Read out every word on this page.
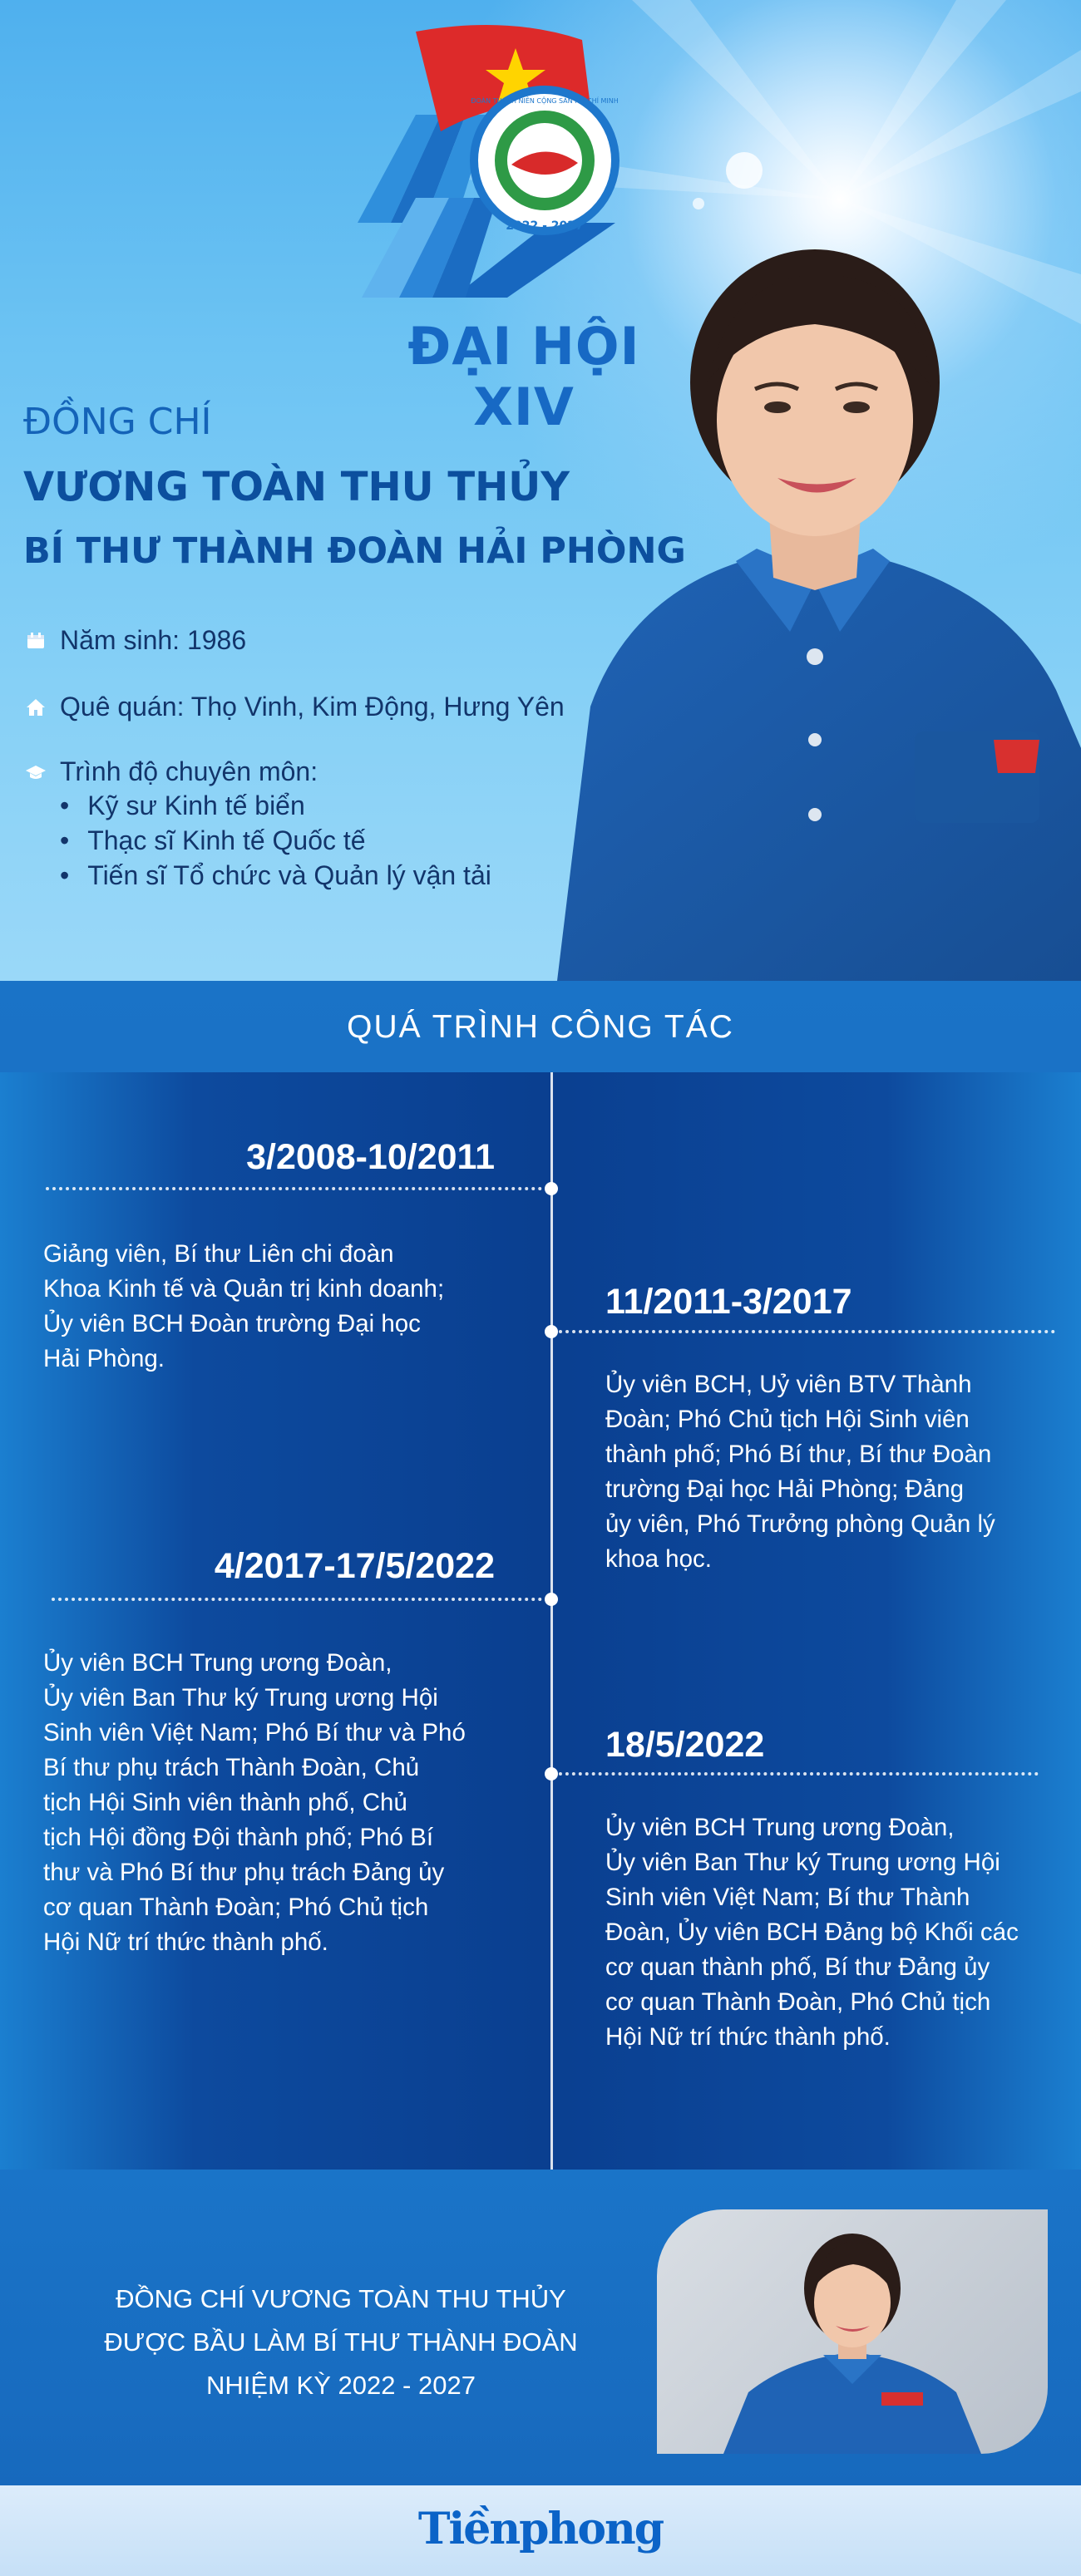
2022 - 2027
ĐOÀN THANH NIÊN CỘNG SẢN HỒ CHÍ MINH
ĐẠI HỘI XIV
ĐỒNG CHÍ
VƯƠNG TOÀN THU THỦY
BÍ THƯ THÀNH ĐOÀN HẢI PHÒNG
Năm sinh: 1986
Quê quán: Thọ Vinh, Kim Động, Hưng Yên
Trình độ chuyên môn:
• Kỹ sư Kinh tế biển
• Thạc sĩ Kinh tế Quốc tế
• Tiến sĩ Tổ chức và Quản lý vận tải
QUÁ TRÌNH CÔNG TÁC
3/2008-10/2011
Giảng viên, Bí thư Liên chi đoàn
Khoa Kinh tế và Quản trị kinh doanh;
Ủy viên BCH Đoàn trường Đại học
Hải Phòng.
11/2011-3/2017
Ủy viên BCH, Uỷ viên BTV Thành
Đoàn; Phó Chủ tịch Hội Sinh viên
thành phố; Phó Bí thư, Bí thư Đoàn
trường Đại học Hải Phòng; Đảng
ủy viên, Phó Trưởng phòng Quản lý
khoa học.
4/2017-17/5/2022
Ủy viên BCH Trung ương Đoàn,
Ủy viên Ban Thư ký Trung ương Hội
Sinh viên Việt Nam; Phó Bí thư và Phó
Bí thư phụ trách Thành Đoàn, Chủ
tịch Hội Sinh viên thành phố, Chủ
tịch Hội đồng Đội thành phố; Phó Bí
thư và Phó Bí thư phụ trách Đảng ủy
cơ quan Thành Đoàn; Phó Chủ tịch
Hội Nữ trí thức thành phố.
18/5/2022
Ủy viên BCH Trung ương Đoàn,
Ủy viên Ban Thư ký Trung ương Hội
Sinh viên Việt Nam; Bí thư Thành
Đoàn, Ủy viên BCH Đảng bộ Khối các
cơ quan thành phố, Bí thư Đảng ủy
cơ quan Thành Đoàn, Phó Chủ tịch
Hội Nữ trí thức thành phố.
ĐỒNG CHÍ VƯƠNG TOÀN THU THỦY
ĐƯỢC BẦU LÀM BÍ THƯ THÀNH ĐOÀN
NHIỆM KỲ 2022 - 2027
Tiềnphong
